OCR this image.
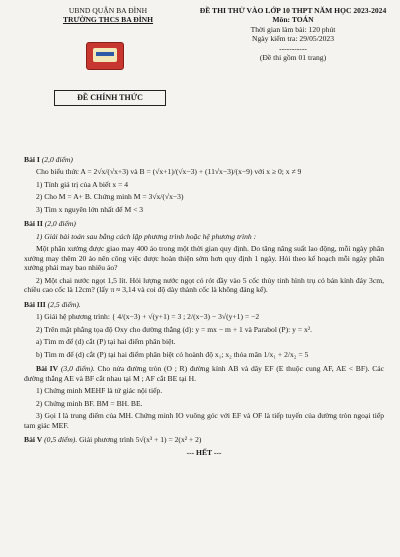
UBND QUẬN BA ĐÌNH
TRƯỜNG THCS BA ĐÌNH
ĐỀ CHÍNH THỨC
ĐỀ THI THỬ VÀO LỚP 10 THPT NĂM HỌC 2023-2024
Môn: TOÁN
Thời gian làm bài: 120 phút
Ngày kiểm tra: 29/05/2023
-----------
(Đề thi gồm 01 trang)
Bài I (2,0 điểm)
Cho biểu thức A = 2√x/(√x+3) và B = (√x+1)/(√x−3) + (11√x−3)/(x−9) với x ≥ 0; x ≠ 9
1) Tính giá trị của A biết x = 4
2) Cho M = A+ B. Chứng minh M = 3√x/(√x−3)
3) Tìm x nguyên lớn nhất để M < 3
Bài II (2,0 điểm)
1) Giải bài toán sau bằng cách lập phương trình hoặc hệ phương trình :
Một phân xưởng được giao may 400 áo trong một thời gian quy định. Do tăng năng suất lao động, mỗi ngày phân xưởng may thêm 20 áo nên công việc được hoàn thiện sớm hơn quy định 1 ngày. Hỏi theo kế hoạch mỗi ngày phân xưởng phải may bao nhiêu áo?
2) Một chai nước ngọt 1,5 lít. Hỏi lượng nước ngọt có rót đầy vào 5 cốc thủy tinh hình trụ có bán kính đáy 3cm, chiều cao cốc là 12cm? (lấy π ≈ 3,14 và coi độ dày thành cốc là không đáng kể).
Bài III (2,5 điểm).
1) Giải hệ phương trình: { 4/(x−3) + √(y+1) = 3 ; 2/(x−3) − 3√(y+1) = −2
2) Trên mặt phẳng tọa độ Oxy cho đường thẳng (d): y = mx − m + 1 và Parabol (P): y = x².
a) Tìm m để (d) cắt (P) tại hai điểm phân biệt.
b) Tìm m để (d) cắt (P) tại hai điểm phân biệt có hoành độ x₁; x₂ thỏa mãn 1/x₁ + 2/x₂ = 5
Bài IV (3,0 điểm). Cho nửa đường tròn (O ; R) đường kính AB và dây EF (E thuộc cung AF, AE < BF). Các đường thẳng AE và BF cắt nhau tại M ; AF cắt BE tại H.
1) Chứng minh MEHF là tứ giác nội tiếp.
2) Chứng minh BF. BM = BH. BE.
3) Gọi I là trung điểm của MH. Chứng minh IO vuông góc với EF và OF là tiếp tuyến của đường tròn ngoại tiếp tam giác MEF.
Bài V (0,5 điểm). Giải phương trình 5√(x³ + 1) = 2(x² + 2)
--- HẾT ---
